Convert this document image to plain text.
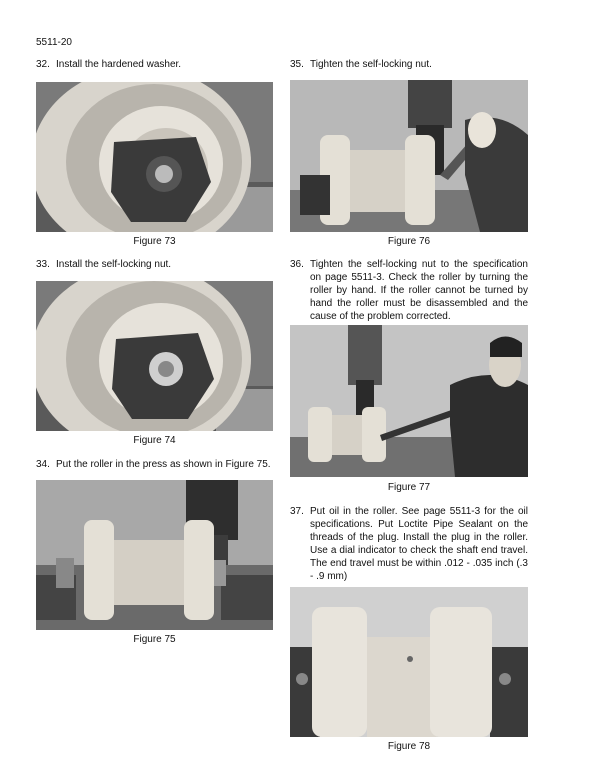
5511-20
32. Install the hardened washer.
Figure 73
33. Install the self-locking nut.
Figure 74
34. Put the roller in the press as shown in Figure 75.
Figure 75
35. Tighten the self-locking nut.
Figure 76
36. Tighten the self-locking nut to the specification on page 5511-3. Check the roller by turning the roller by hand. If the roller cannot be turned by hand the roller must be disassembled and the cause of the problem corrected.
Figure 77
37. Put oil in the roller. See page 5511-3 for the oil specifications. Put Loctite Pipe Sealant on the threads of the plug. Install the plug in the roller. Use a dial indicator to check the shaft end travel. The end travel must be within .012 - .035 inch (.3 - .9 mm)
Figure 78
